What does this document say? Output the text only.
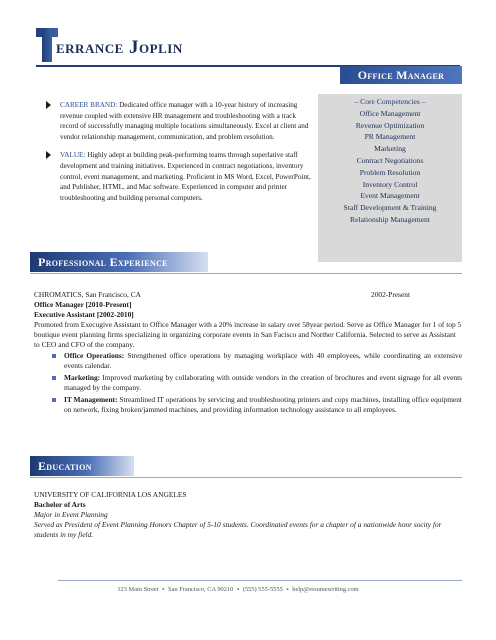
errance Joplin
Office Manager
CAREER BRAND: Dedicated office manager with a 10-year history of increasing revenue coupled with extensive HR management and troubleshooting with a track record of successfully managing multiple locations simultaneously. Excel at client and vendor relationship management, communication, and problem resolution.
VALUE: Highly adept at building peak-performing teams through superlative staff development and training initiatives. Experienced in contract negotiations, inventory control, event management, and marketing. Proficient in MS Word, Excel, PowerPoint, and Publisher, HTML, and Mac software. Experienced in computer and printer troubleshooting and building personal computers.
– Core Competencies –
Office Management
Revenue Optimization
PR Management
Marketing
Contract Negotiations
Problem Resolution
Inventory Control
Event Management
Staff Development & Training
Relationship Management
Professional Experience
CHROMATICS, San Francisco, CA	2002-Present
Office Manager [2010-Present]
Executive Assistant [2002-2010]
Promoted from Execugive Assistant to Office Manager with a 20% increase in salary over 58year period. Serve as Office Manager for 1 of top 5 boutique event planning firms specializing in organizing corporate events in San Facisco and Norther California. Selected to serve as Assistant to CEO and CFO of the company.
Office Operations: Strengthened office operations by managing workplace with 40 employees, while coordinating an extensive events calendar.
Marketing: Improved marketing by collaborating with outside vendors in the creation of brochures and event signage for all events managed by the company.
IT Management: Streamlined IT operations by servicing and troubleshooting printers and copy machines, installing office equipment on network, fixing broken/jammed machines, and providing information technology assistance to all employees.
Education
UNIVERSITY OF CALIFORNIA LOS ANGELES
Bachelor of Arts
Major in Event Planning
Served as President of Event Planning Honors Chapter of 5-10 students. Coordinated events for a chapter of a nationwide honr socity for students in my field.
123 Main Street ▪ San Francisco, CA 90210 ▪ (555) 555-5555 ▪ help@resumewriting.com
